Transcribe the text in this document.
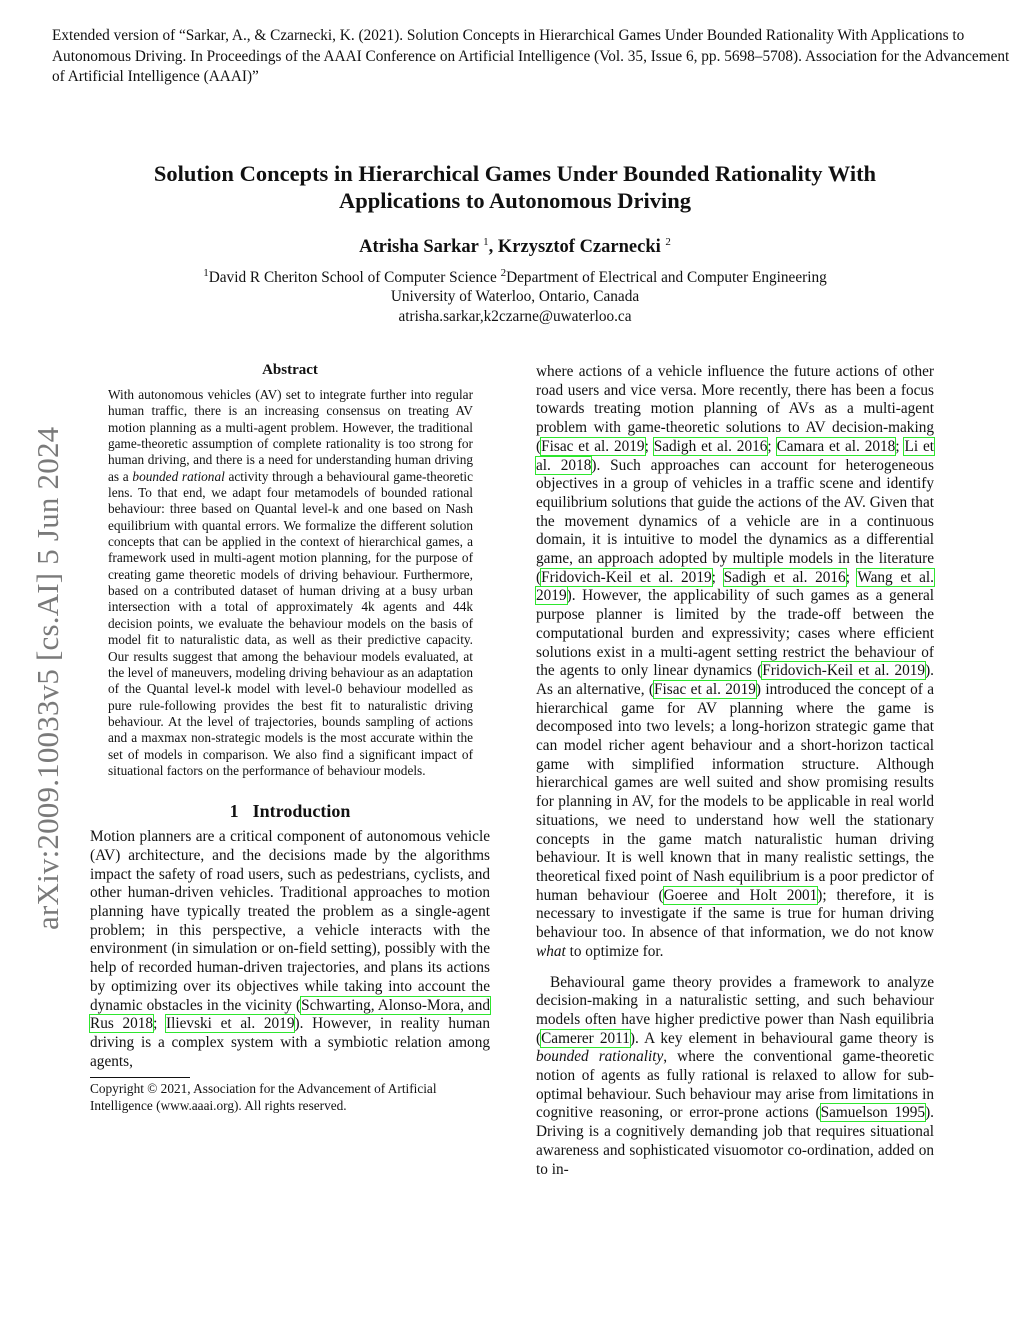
Extended version of “Sarkar, A., & Czarnecki, K. (2021). Solution Concepts in Hierarchical Games Under Bounded Rationality With Applications to Autonomous Driving. In Proceedings of the AAAI Conference on Artificial Intelligence (Vol. 35, Issue 6, pp. 5698–5708). Association for the Advancement of Artificial Intelligence (AAAI)”
arXiv:2009.10033v5 [cs.AI] 5 Jun 2024
Solution Concepts in Hierarchical Games Under Bounded Rationality With Applications to Autonomous Driving
Atrisha Sarkar $^1$, Krzysztof Czarnecki $^2$
$^1$David R Cheriton School of Computer Science $^2$Department of Electrical and Computer Engineering
University of Waterloo, Ontario, Canada
atrisha.sarkar,k2czarne@uwaterloo.ca
Abstract

With autonomous vehicles (AV) set to integrate further into regular human traffic, there is an increasing consensus on treating AV motion planning as a multi-agent problem. However, the traditional game-theoretic assumption of complete rationality is too strong for human driving, and there is a need for understanding human driving as a bounded rational activity through a behavioural game-theoretic lens. To that end, we adapt four metamodels of bounded rational behaviour: three based on Quantal level-k and one based on Nash equilibrium with quantal errors. We formalize the different solution concepts that can be applied in the context of hierarchical games, a framework used in multi-agent motion planning, for the purpose of creating game theoretic models of driving behaviour. Furthermore, based on a contributed dataset of human driving at a busy urban intersection with a total of approximately 4k agents and 44k decision points, we evaluate the behaviour models on the basis of model fit to naturalistic data, as well as their predictive capacity. Our results suggest that among the behaviour models evaluated, at the level of maneuvers, modeling driving behaviour as an adaptation of the Quantal level-k model with level-0 behaviour modelled as pure rule-following provides the best fit to naturalistic driving behaviour. At the level of trajectories, bounds sampling of actions and a maxmax non-strategic models is the most accurate within the set of models in comparison. We also find a significant impact of situational factors on the performance of behaviour models.

1 Introduction

Motion planners are a critical component of autonomous vehicle (AV) architecture, and the decisions made by the algorithms impact the safety of road users, such as pedestrians, cyclists, and other human-driven vehicles. Traditional approaches to motion planning have typically treated the problem as a single-agent problem; in this perspective, a vehicle interacts with the environment (in simulation or on-field setting), possibly with the help of recorded human-driven trajectories, and plans its actions by optimizing over its objectives while taking into account the dynamic obstacles in the vicinity (Schwarting, Alonso-Mora, and Rus 2018; Ilievski et al. 2019). However, in reality human driving is a complex system with a symbiotic relation among agents,

Copyright © 2021, Association for the Advancement of Artificial Intelligence (www.aaai.org). All rights reserved.

where actions of a vehicle influence the future actions of other road users and vice versa. More recently, there has been a focus towards treating motion planning of AVs as a multi-agent problem with game-theoretic solutions to AV decision-making (Fisac et al. 2019; Sadigh et al. 2016; Camara et al. 2018; Li et al. 2018). Such approaches can account for heterogeneous objectives in a group of vehicles in a traffic scene and identify equilibrium solutions that guide the actions of the AV. Given that the movement dynamics of a vehicle are in a continuous domain, it is intuitive to model the dynamics as a differential game, an approach adopted by multiple models in the literature (Fridovich-Keil et al. 2019; Sadigh et al. 2016; Wang et al. 2019). However, the applicability of such games as a general purpose planner is limited by the trade-off between the computational burden and expressivity; cases where efficient solutions exist in a multi-agent setting restrict the behaviour of the agents to only linear dynamics (Fridovich-Keil et al. 2019). As an alternative, (Fisac et al. 2019) introduced the concept of a hierarchical game for AV planning where the game is decomposed into two levels; a long-horizon strategic game that can model richer agent behaviour and a short-horizon tactical game with simplified information structure. Although hierarchical games are well suited and show promising results for planning in AV, for the models to be applicable in real world situations, we need to understand how well the stationary concepts in the game match naturalistic human driving behaviour. It is well known that in many realistic settings, the theoretical fixed point of Nash equilibrium is a poor predictor of human behaviour (Goeree and Holt 2001); therefore, it is necessary to investigate if the same is true for human driving behaviour too. In absence of that information, we do not know what to optimize for.

Behavioural game theory provides a framework to analyze decision-making in a naturalistic setting, and such behaviour models often have higher predictive power than Nash equilibria (Camerer 2011). A key element in behavioural game theory is bounded rationality, where the conventional game-theoretic notion of agents as fully rational is relaxed to allow for sub-optimal behaviour. Such behaviour may arise from limitations in cognitive reasoning, or error-prone actions (Samuelson 1995). Driving is a cognitively demanding job that requires situational awareness and sophisticated visuomotor co-ordination, added on to in-
